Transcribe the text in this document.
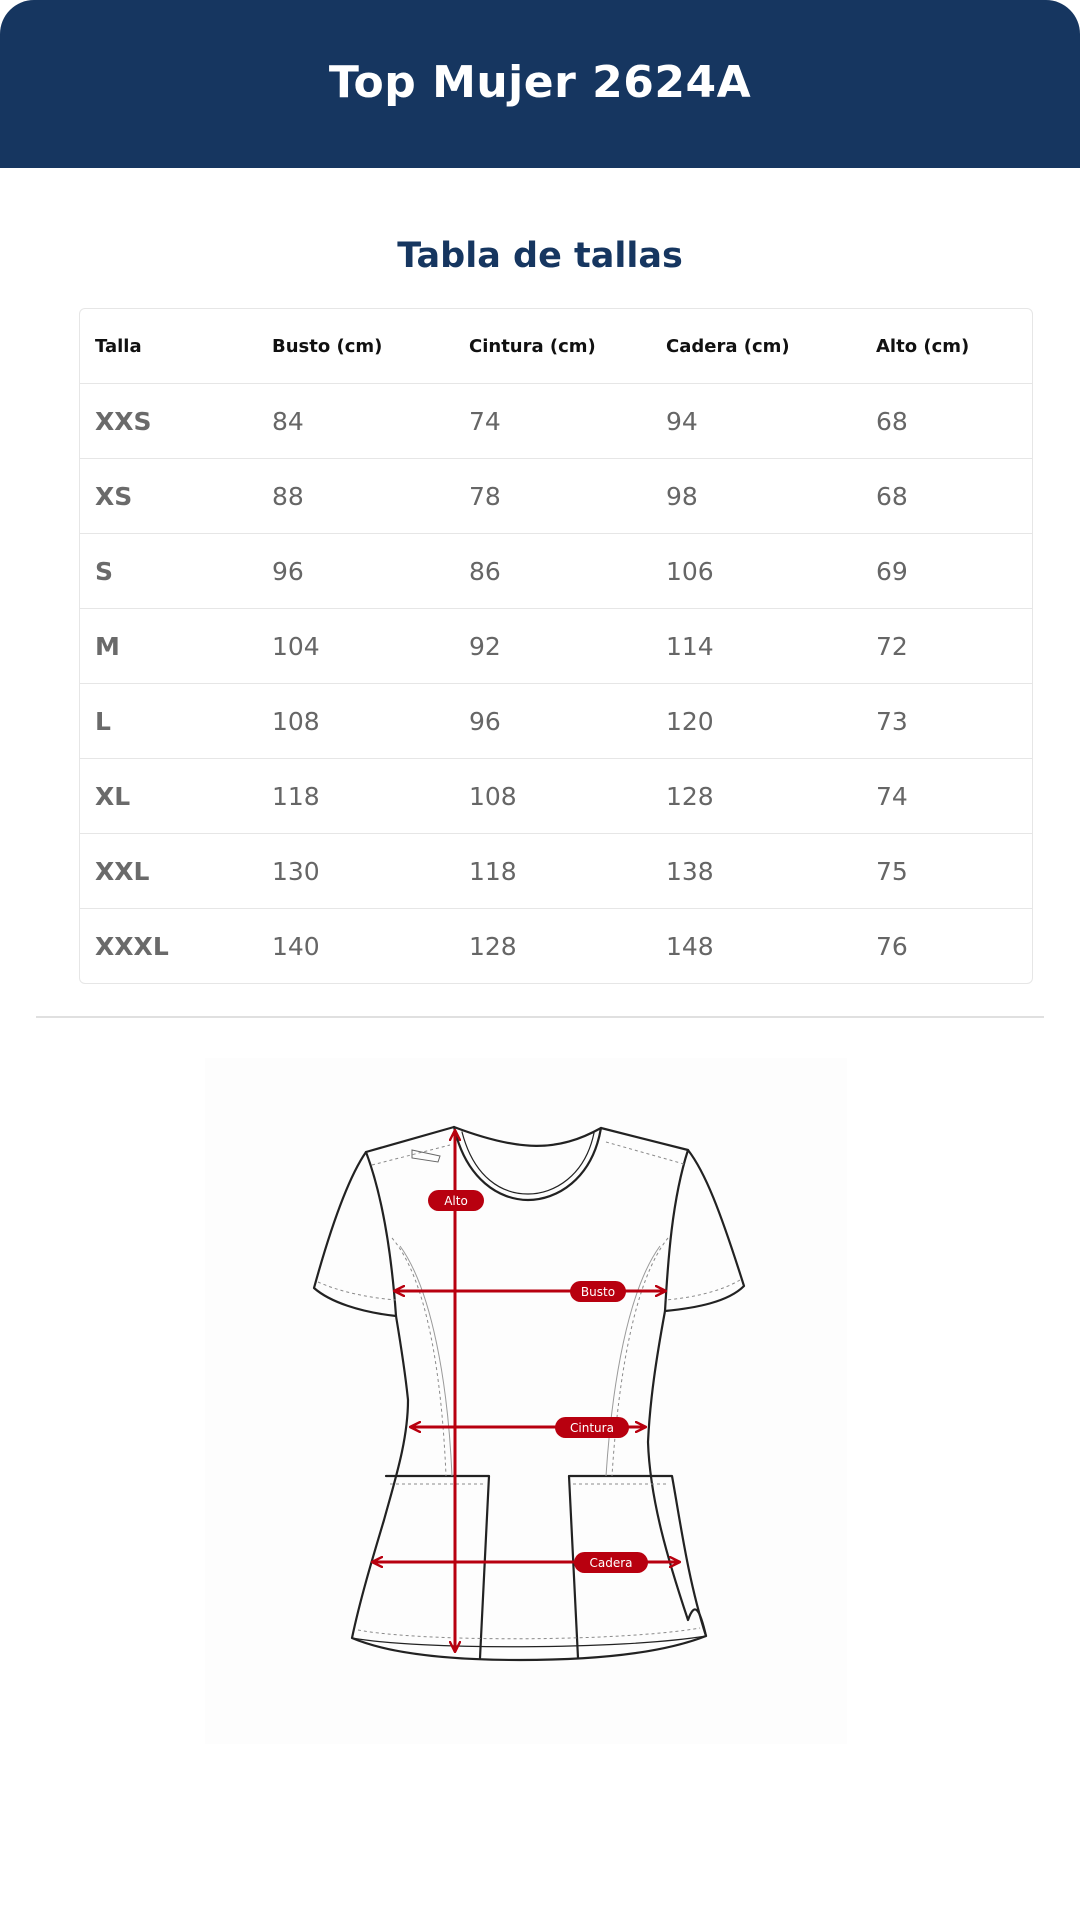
Top Mujer 2624A
Tabla de tallas
Talla	Busto (cm)	Cintura (cm)	Cadera (cm)	Alto (cm)
XXS	84	74	94	68
XS	88	78	98	68
S	96	86	106	69
M	104	92	114	72
L	108	96	120	73
XL	118	108	128	74
XXL	130	118	138	75
XXXL	140	128	148	76
Alto
Busto
Cintura
Cadera
